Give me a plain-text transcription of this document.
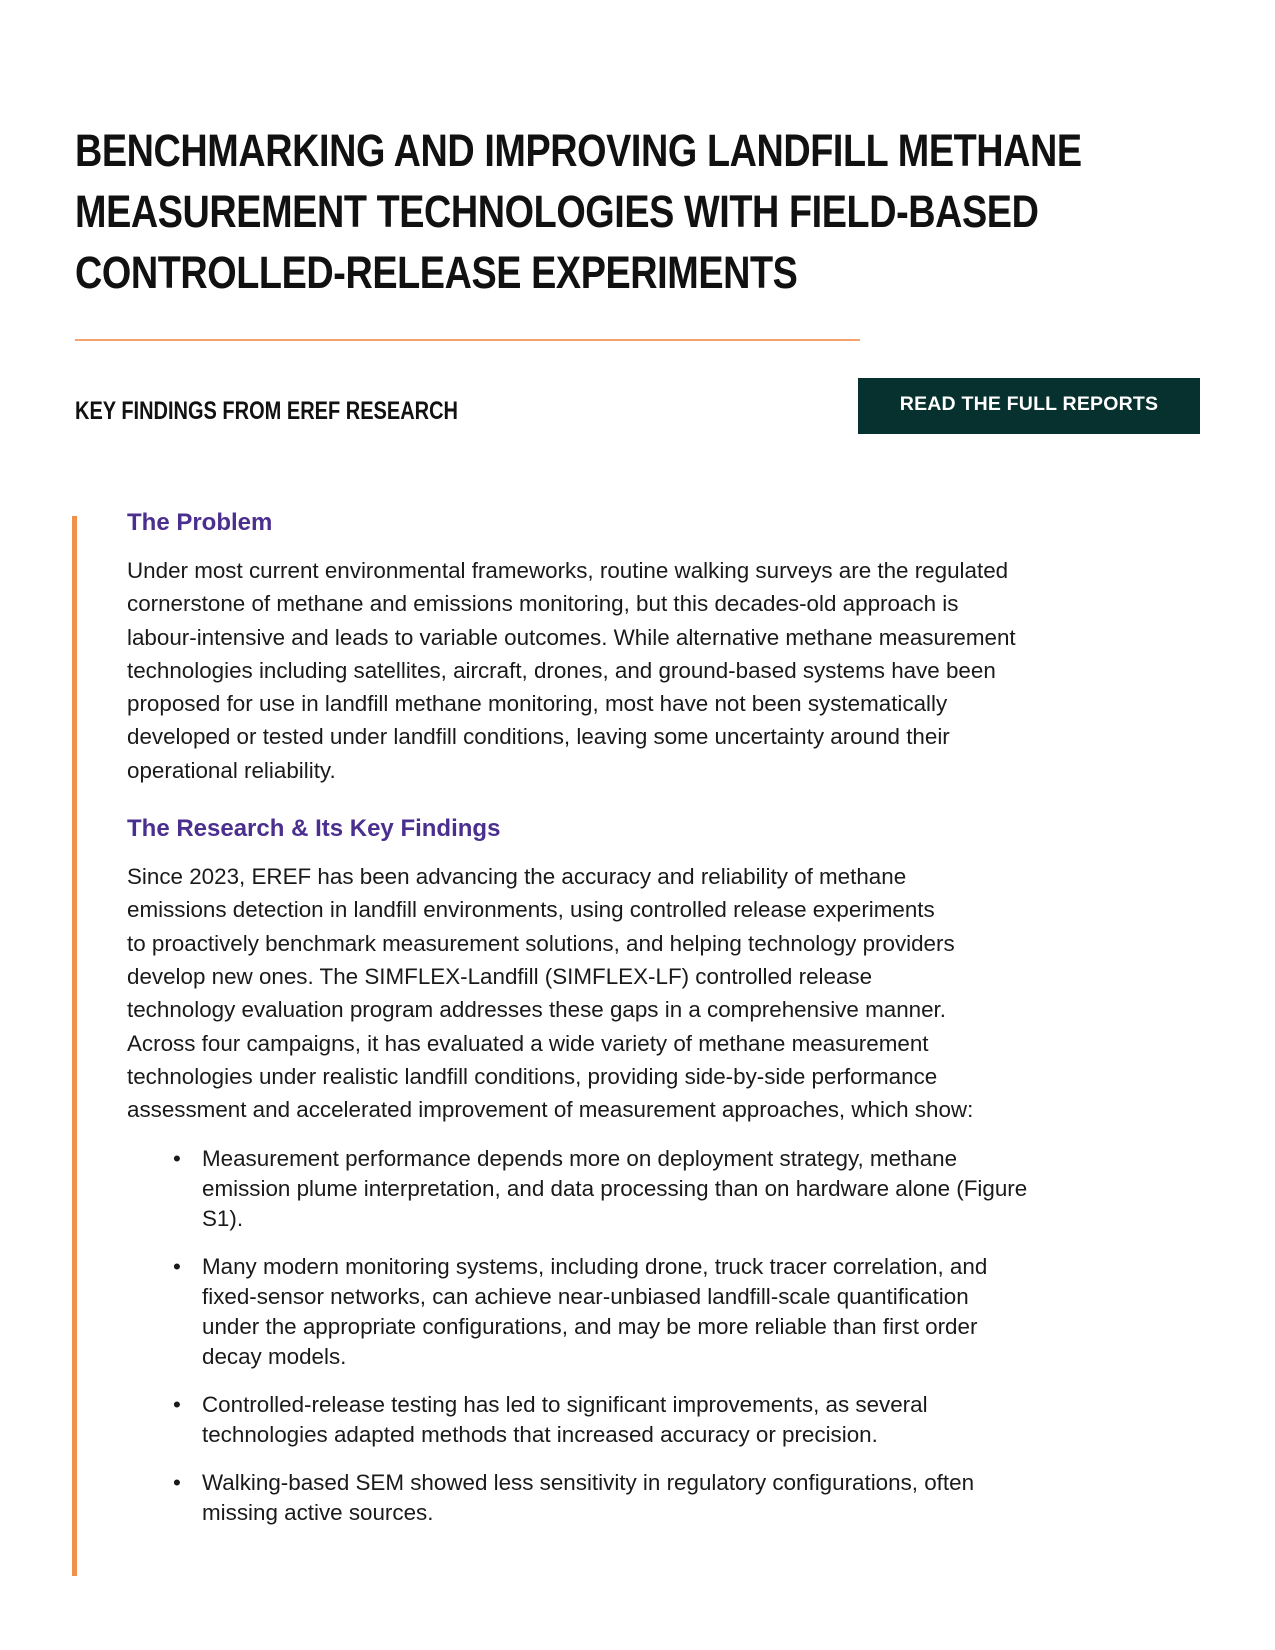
BENCHMARKING AND IMPROVING LANDFILL METHANE
MEASUREMENT TECHNOLOGIES WITH FIELD-BASED
CONTROLLED-RELEASE EXPERIMENTS
KEY FINDINGS FROM EREF RESEARCH	READ THE FULL REPORTS
The Problem

Under most current environmental frameworks, routine walking surveys are the regulated
cornerstone of methane and emissions monitoring, but this decades-old approach is
labour-intensive and leads to variable outcomes. While alternative methane measurement
technologies including satellites, aircraft, drones, and ground-based systems have been
proposed for use in landfill methane monitoring, most have not been systematically
developed or tested under landfill conditions, leaving some uncertainty around their
operational reliability.

The Research & Its Key Findings

Since 2023, EREF has been advancing the accuracy and reliability of methane
emissions detection in landfill environments, using controlled release experiments
to proactively benchmark measurement solutions, and helping technology providers
develop new ones. The SIMFLEX-Landfill (SIMFLEX-LF) controlled release
technology evaluation program addresses these gaps in a comprehensive manner.
Across four campaigns, it has evaluated a wide variety of methane measurement
technologies under realistic landfill conditions, providing side-by-side performance
assessment and accelerated improvement of measurement approaches, which show:

• Measurement performance depends more on deployment strategy, methane
emission plume interpretation, and data processing than on hardware alone (Figure
S1).
• Many modern monitoring systems, including drone, truck tracer correlation, and
fixed-sensor networks, can achieve near-unbiased landfill-scale quantification
under the appropriate configurations, and may be more reliable than first order
decay models.
• Controlled-release testing has led to significant improvements, as several
technologies adapted methods that increased accuracy or precision.
• Walking-based SEM showed less sensitivity in regulatory configurations, often
missing active sources.
